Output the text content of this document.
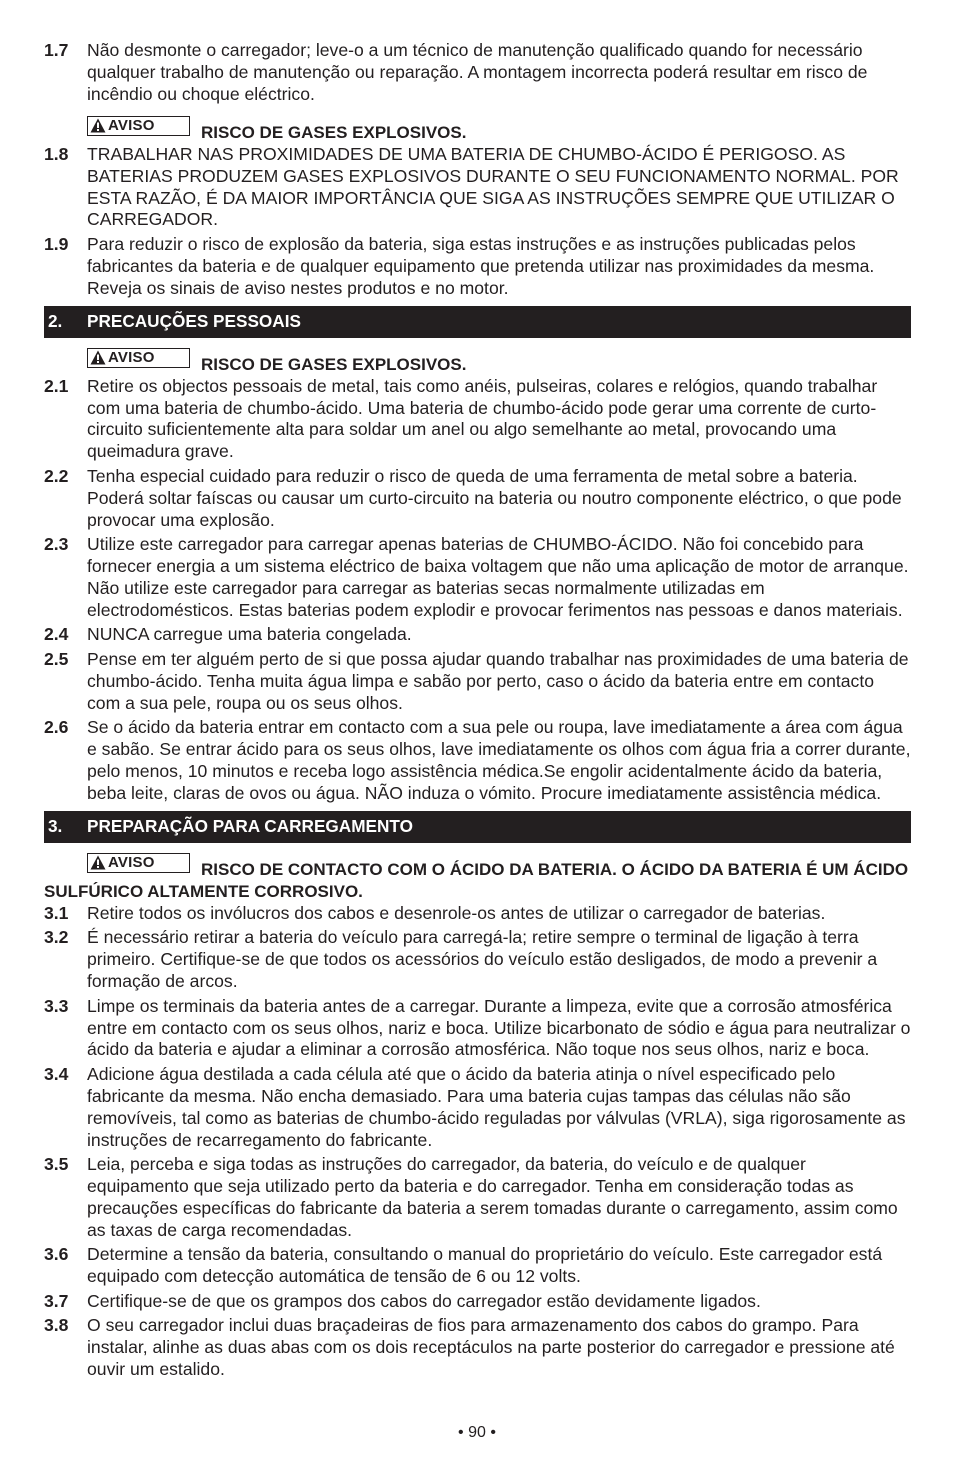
1.7	Não desmonte o carregador; leve-o a um técnico de manutenção qualificado quando for necessário qualquer trabalho de manutenção ou reparação. A montagem incorrecta poderá resultar em risco de incêndio ou choque eléctrico.
AVISO	RISCO DE GASES EXPLOSIVOS.
1.8	TRABALHAR NAS PROXIMIDADES DE UMA BATERIA DE CHUMBO-ÁCIDO É PERIGOSO. AS BATERIAS PRODUZEM GASES EXPLOSIVOS DURANTE O SEU FUNCIONAMENTO NORMAL. POR ESTA RAZÃO, É DA MAIOR IMPORTÂNCIA QUE SIGA AS INSTRUÇÕES SEMPRE QUE UTILIZAR O CARREGADOR.
1.9	Para reduzir o risco de explosão da bateria, siga estas instruções e as instruções publicadas pelos fabricantes da bateria e de qualquer equipamento que pretenda utilizar nas proximidades da mesma. Reveja os sinais de aviso nestes produtos e no motor.
2.	PRECAUÇÕES PESSOAIS
AVISO	RISCO DE GASES EXPLOSIVOS.
2.1	Retire os objectos pessoais de metal, tais como anéis, pulseiras, colares e relógios, quando trabalhar com uma bateria de chumbo-ácido. Uma bateria de chumbo-ácido pode gerar uma corrente de curto-circuito suficientemente alta para soldar um anel ou algo semelhante ao metal, provocando uma queimadura grave.
2.2	Tenha especial cuidado para reduzir o risco de queda de uma ferramenta de metal sobre a bateria. Poderá soltar faíscas ou causar um curto-circuito na bateria ou noutro componente eléctrico, o que pode provocar uma explosão.
2.3	Utilize este carregador para carregar apenas baterias de CHUMBO-ÁCIDO. Não foi concebido para fornecer energia a um sistema eléctrico de baixa voltagem que não uma aplicação de motor de arranque. Não utilize este carregador para carregar as baterias secas normalmente utilizadas em electrodomésticos. Estas baterias podem explodir e provocar ferimentos nas pessoas e danos materiais.
2.4	NUNCA carregue uma bateria congelada.
2.5	Pense em ter alguém perto de si que possa ajudar quando trabalhar nas proximidades de uma bateria de chumbo-ácido. Tenha muita água limpa e sabão por perto, caso o ácido da bateria entre em contacto com a sua pele, roupa ou os seus olhos.
2.6	Se o ácido da bateria entrar em contacto com a sua pele ou roupa, lave imediatamente a área com água e sabão. Se entrar ácido para os seus olhos, lave imediatamente os olhos com água fria a correr durante, pelo menos, 10 minutos e receba logo assistência médica.Se engolir acidentalmente ácido da bateria, beba leite, claras de ovos ou água. NÃO induza o vómito. Procure imediatamente assistência médica.
3.	PREPARAÇÃO PARA CARREGAMENTO
AVISO	RISCO DE CONTACTO COM O ÁCIDO DA BATERIA. O ÁCIDO DA BATERIA É UM ÁCIDO SULFÚRICO ALTAMENTE CORROSIVO.
3.1	Retire todos os invólucros dos cabos e desenrole-os antes de utilizar o carregador de baterias.
3.2	É necessário retirar a bateria do veículo para carregá-la; retire sempre o terminal de ligação à terra primeiro. Certifique-se de que todos os acessórios do veículo estão desligados, de modo a prevenir a formação de arcos.
3.3	Limpe os terminais da bateria antes de a carregar. Durante a limpeza, evite que a corrosão atmosférica entre em contacto com os seus olhos, nariz e boca. Utilize bicarbonato de sódio e água para neutralizar o ácido da bateria e ajudar a eliminar a corrosão atmosférica. Não toque nos seus olhos, nariz e boca.
3.4	Adicione água destilada a cada célula até que o ácido da bateria atinja o nível especificado pelo fabricante da mesma. Não encha demasiado. Para uma bateria cujas tampas das células não são removíveis, tal como as baterias de chumbo-ácido reguladas por válvulas (VRLA), siga rigorosamente as instruções de recarregamento do fabricante.
3.5	Leia, perceba e siga todas as instruções do carregador, da bateria, do veículo e de qualquer equipamento que seja utilizado perto da bateria e do carregador. Tenha em consideração todas as precauções específicas do fabricante da bateria a serem tomadas durante o carregamento, assim como as taxas de carga recomendadas.
3.6	Determine a tensão da bateria, consultando o manual do proprietário do veículo. Este carregador está equipado com detecção automática de tensão de 6 ou 12 volts.
3.7	Certifique-se de que os grampos dos cabos do carregador estão devidamente ligados.
3.8	O seu carregador inclui duas braçadeiras de fios para armazenamento dos cabos do grampo. Para instalar, alinhe as duas abas com os dois receptáculos na parte posterior do carregador e pressione até ouvir um estalido.
• 90 •
